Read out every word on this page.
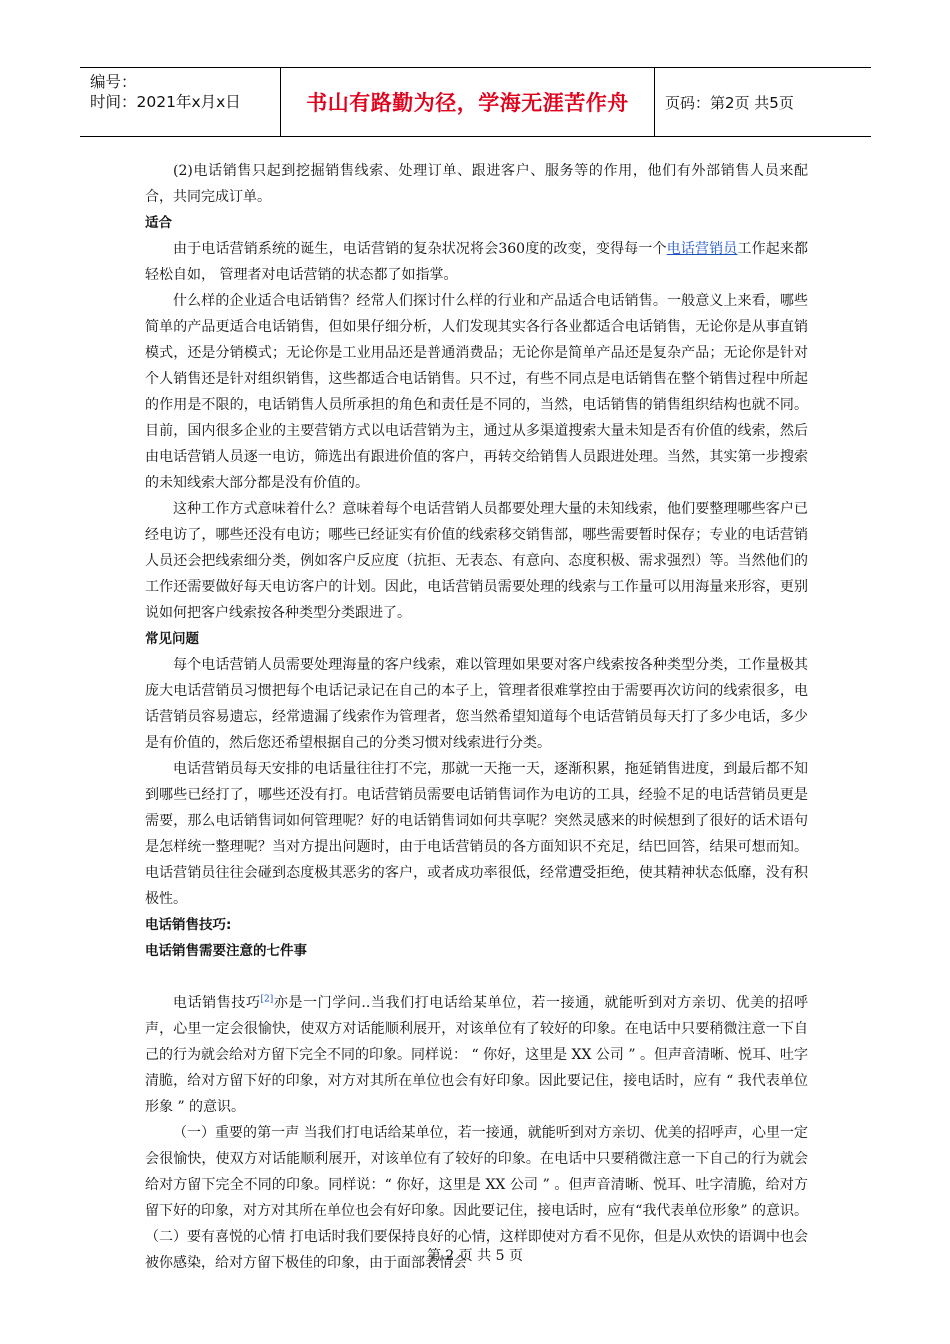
编号：
时间：2021年x月x日	书山有路勤为径，学海无涯苦作舟	页码：第2页 共5页

(2)电话销售只起到挖掘销售线索、处理订单、跟进客户、服务等的作用，他们有外部销售人员来配合，共同完成订单。

适合

由于电话营销系统的诞生，电话营销的复杂状况将会360度的改变，变得每一个电话营销员工作起来都轻松自如， 管理者对电话营销的状态都了如指掌。

什么样的企业适合电话销售？经常人们探讨什么样的行业和产品适合电话销售。一般意义上来看，哪些简单的产品更适合电话销售，但如果仔细分析，人们发现其实各行各业都适合电话销售，无论你是从事直销模式，还是分销模式；无论你是工业用品还是普通消费品；无论你是简单产品还是复杂产品；无论你是针对个人销售还是针对组织销售，这些都适合电话销售。只不过，有些不同点是电话销售在整个销售过程中所起的作用是不限的，电话销售人员所承担的角色和责任是不同的，当然，电话销售的销售组织结构也就不同。目前，国内很多企业的主要营销方式以电话营销为主，通过从多渠道搜索大量未知是否有价值的线索，然后由电话营销人员逐一电访，筛选出有跟进价值的客户，再转交给销售人员跟进处理。当然，其实第一步搜索的未知线索大部分都是没有价值的。

这种工作方式意味着什么？意味着每个电话营销人员都要处理大量的未知线索，他们要整理哪些客户已经电访了，哪些还没有电访；哪些已经证实有价值的线索移交销售部，哪些需要暂时保存；专业的电话营销人员还会把线索细分类，例如客户反应度（抗拒、无表态、有意向、态度积极、需求强烈）等。当然他们的工作还需要做好每天电访客户的计划。因此，电话营销员需要处理的线索与工作量可以用海量来形容，更别说如何把客户线索按各种类型分类跟进了。

常见问题

每个电话营销人员需要处理海量的客户线索，难以管理如果要对客户线索按各种类型分类，工作量极其庞大电话营销员习惯把每个电话记录记在自己的本子上，管理者很难掌控由于需要再次访问的线索很多，电话营销员容易遗忘，经常遗漏了线索作为管理者，您当然希望知道每个电话营销员每天打了多少电话，多少是有价值的，然后您还希望根据自己的分类习惯对线索进行分类。

电话营销员每天安排的电话量往往打不完，那就一天拖一天，逐渐积累，拖延销售进度，到最后都不知到哪些已经打了，哪些还没有打。电话营销员需要电话销售词作为电访的工具，经验不足的电话营销员更是需要，那么电话销售词如何管理呢？好的电话销售词如何共享呢？突然灵感来的时候想到了很好的话术语句是怎样统一整理呢？当对方提出问题时，由于电话营销员的各方面知识不充足，结巴回答，结果可想而知。电话营销员往往会碰到态度极其恶劣的客户，或者成功率很低，经常遭受拒绝，使其精神状态低靡，没有积极性。

电话销售技巧:
电话销售需要注意的七件事

电话销售技巧[2]亦是一门学问..当我们打电话给某单位，若一接通，就能听到对方亲切、优美的招呼声，心里一定会很愉快，使双方对话能顺利展开，对该单位有了较好的印象。在电话中只要稍微注意一下自己的行为就会给对方留下完全不同的印象。同样说： “ 你好，这里是 XX 公司 ” 。但声音清晰、悦耳、吐字清脆，给对方留下好的印象，对方对其所在单位也会有好印象。因此要记住，接电话时，应有 “ 我代表单位形象 ” 的意识。

（一）重要的第一声 当我们打电话给某单位，若一接通，就能听到对方亲切、优美的招呼声，心里一定会很愉快，使双方对话能顺利展开，对该单位有了较好的印象。在电话中只要稍微注意一下自己的行为就会给对方留下完全不同的印象。同样说：“ 你好，这里是 XX 公司 ” 。但声音清晰、悦耳、吐字清脆，给对方留下好的印象，对方对其所在单位也会有好印象。因此要记住，接电话时，应有“我代表单位形象” 的意识。 （二）要有喜悦的心情 打电话时我们要保持良好的心情，这样即使对方看不见你，但是从欢快的语调中也会被你感染，给对方留下极佳的印象，由于面部表情会

第 2 页 共 5 页
